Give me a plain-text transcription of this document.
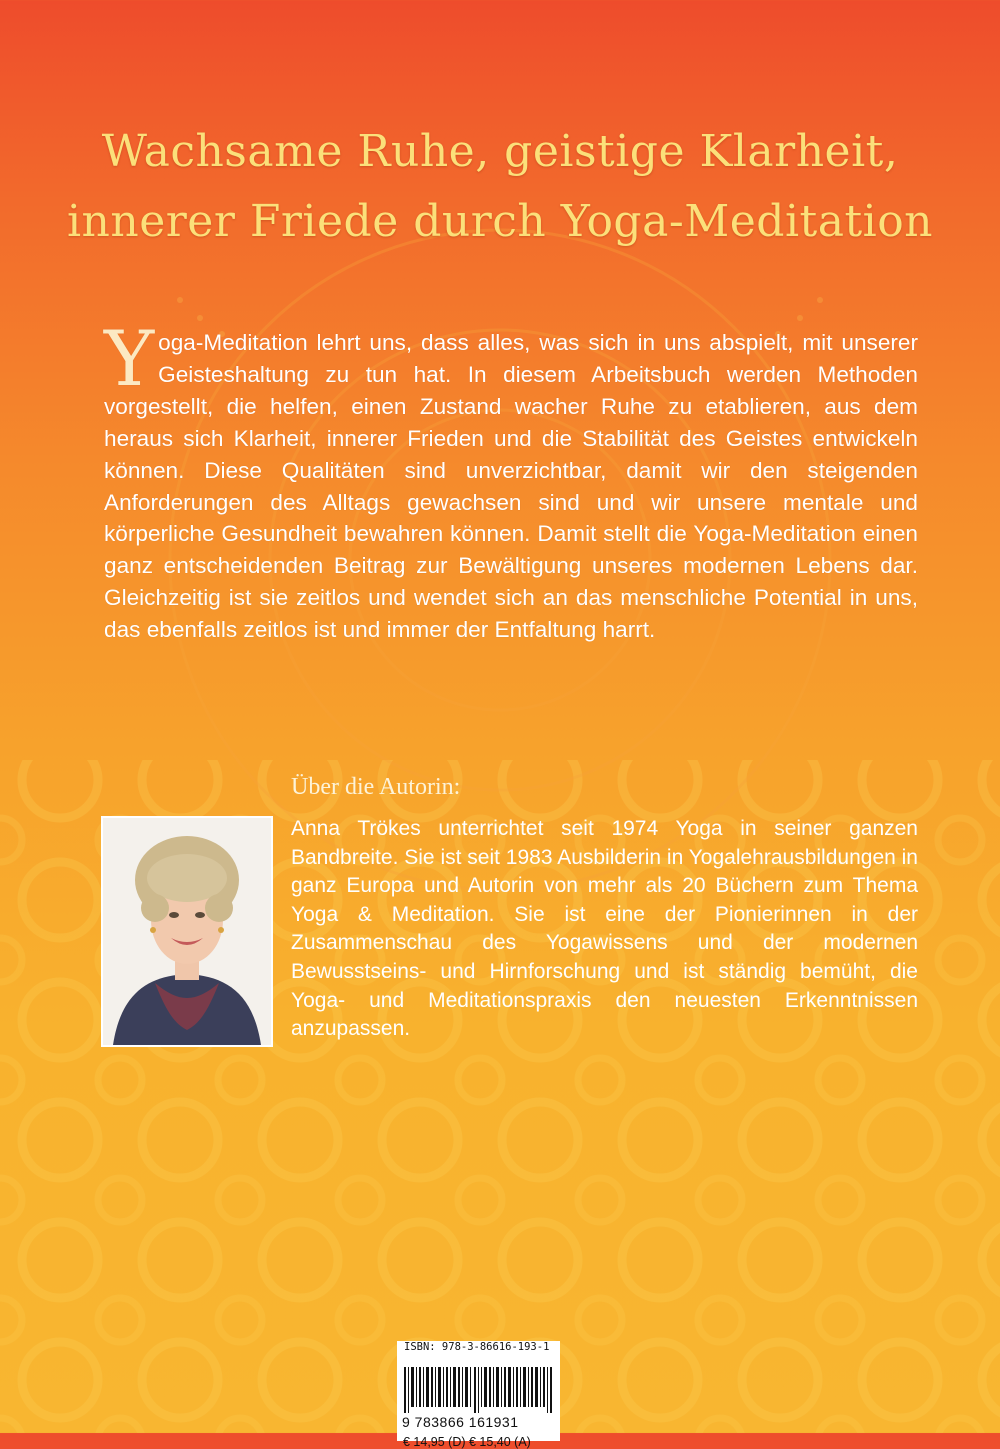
Wachsame Ruhe, geistige Klarheit,
innerer Friede durch Yoga-Meditation
Yoga-Meditation lehrt uns, dass alles, was sich in uns abspielt, mit unserer Geisteshaltung zu tun hat. In diesem Arbeitsbuch werden Methoden vorgestellt, die helfen, einen Zustand wacher Ruhe zu etablieren, aus dem heraus sich Klarheit, innerer Frieden und die Stabilität des Geistes entwickeln können. Diese Qualitäten sind unverzichtbar, damit wir den steigenden Anforderungen des Alltags gewachsen sind und wir unsere mentale und körperliche Gesundheit bewahren können. Damit stellt die Yoga-Meditation einen ganz entscheidenden Beitrag zur Bewältigung unseres modernen Lebens dar. Gleichzeitig ist sie zeitlos und wendet sich an das menschliche Potential in uns, das ebenfalls zeitlos ist und immer der Entfaltung harrt.
Über die Autorin:
Anna Trökes unterrichtet seit 1974 Yoga in seiner ganzen Bandbreite. Sie ist seit 1983 Ausbilderin in Yogalehrausbildungen in ganz Europa und Autorin von mehr als 20 Büchern zum Thema Yoga & Meditation. Sie ist eine der Pionierinnen in der Zusammenschau des Yogawissens und der modernen Bewusstseins- und Hirnforschung und ist ständig bemüht, die Yoga- und Meditationspraxis den neuesten Erkenntnissen anzupassen.
ISBN: 978-3-86616-193-1
9 783866 161931
€ 14,95 (D) € 15,40 (A)
